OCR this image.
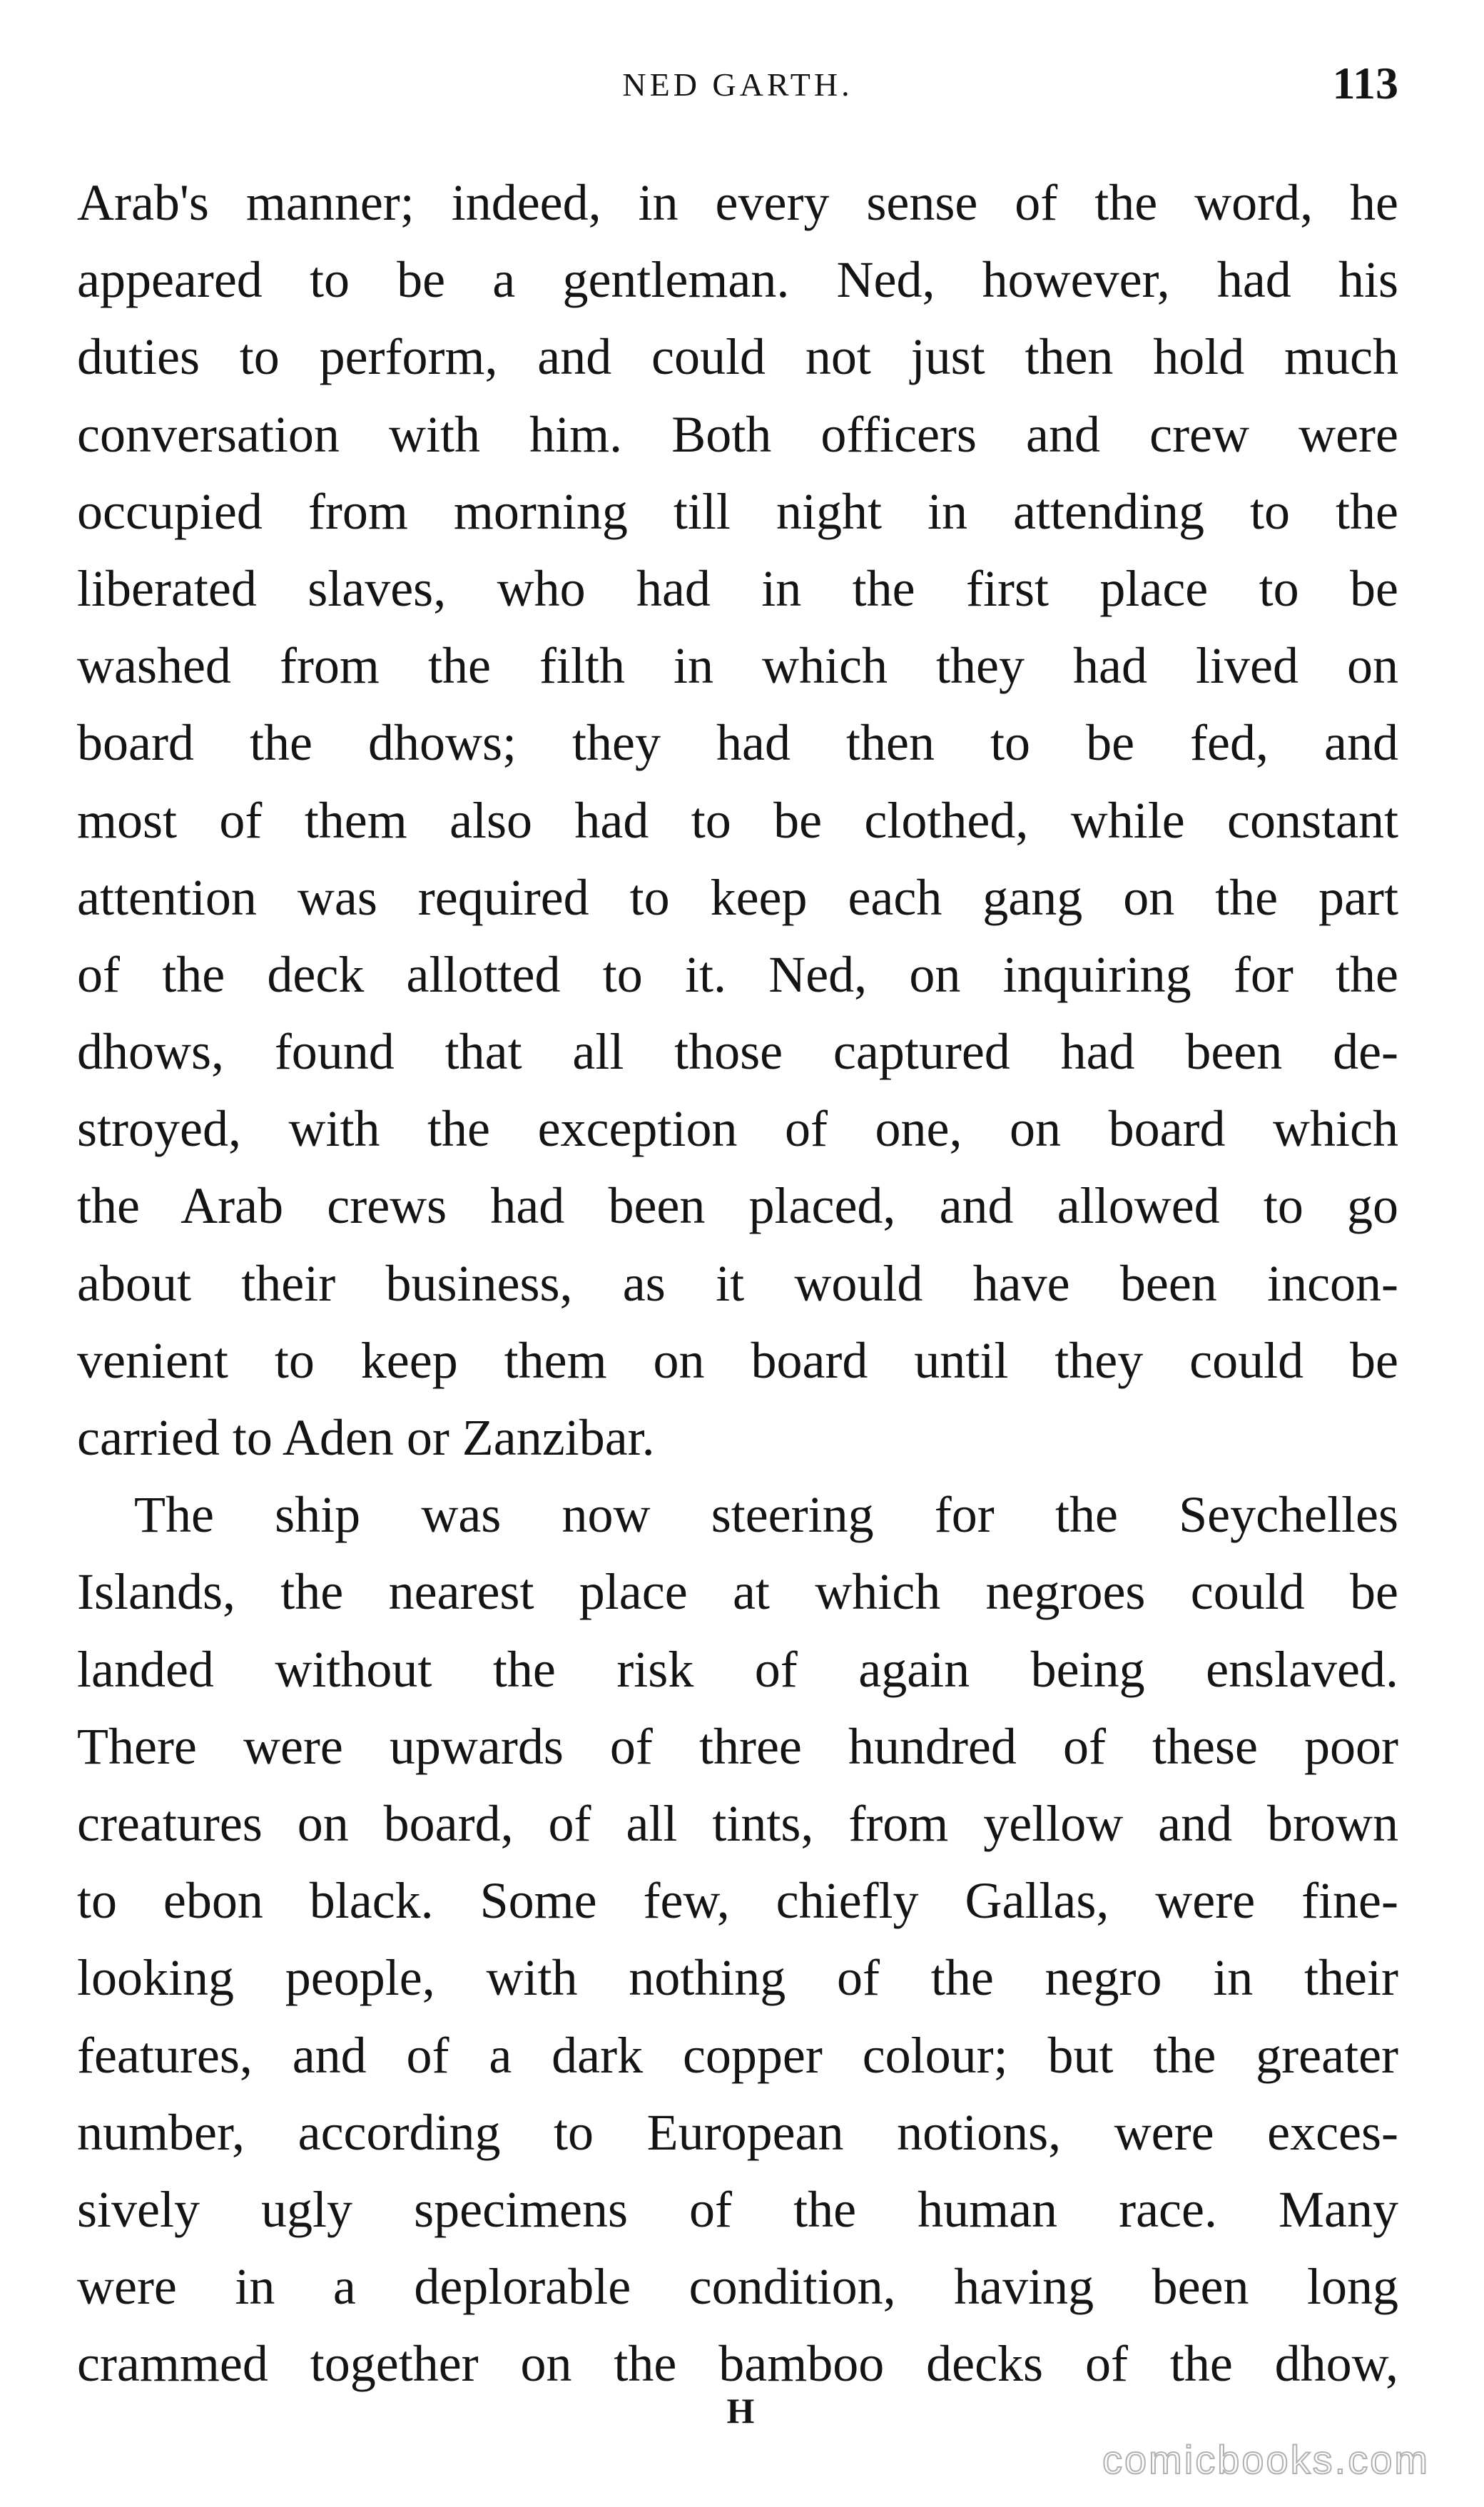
NED GARTH.	113
Arab's manner; indeed, in every sense of the word, he
appeared to be a gentleman. Ned, however, had his
duties to perform, and could not just then hold much
conversation with him. Both officers and crew were
occupied from morning till night in attending to the
liberated slaves, who had in the first place to be
washed from the filth in which they had lived on
board the dhows; they had then to be fed, and
most of them also had to be clothed, while constant
attention was required to keep each gang on the part
of the deck allotted to it. Ned, on inquiring for the
dhows, found that all those captured had been de-
stroyed, with the exception of one, on board which
the Arab crews had been placed, and allowed to go
about their business, as it would have been incon-
venient to keep them on board until they could be
carried to Aden or Zanzibar.
The ship was now steering for the Seychelles
Islands, the nearest place at which negroes could be
landed without the risk of again being enslaved.
There were upwards of three hundred of these poor
creatures on board, of all tints, from yellow and brown
to ebon black. Some few, chiefly Gallas, were fine-
looking people, with nothing of the negro in their
features, and of a dark copper colour; but the greater
number, according to European notions, were exces-
sively ugly specimens of the human race. Many
were in a deplorable condition, having been long
crammed together on the bamboo decks of the dhow,
H
comicbooks.com
